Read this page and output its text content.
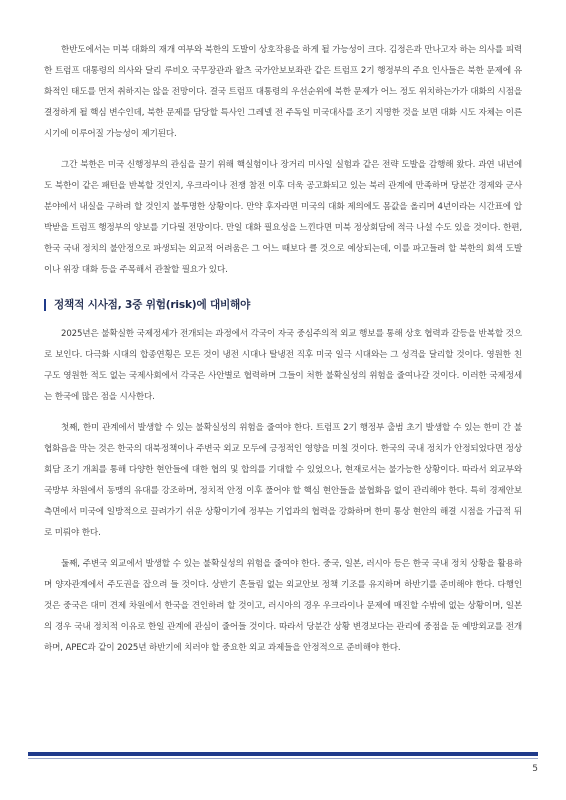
한반도에서는 미북 대화의 재개 여부와 북한의 도발이 상호작용을 하게 될 가능성이 크다. 김정은과 만나고자 하는 의사를 피력한 트럼프 대통령의 의사와 달리 루비오 국무장관과 왈츠 국가안보보좌관 같은 트럼프 2기 행정부의 주요 인사들은 북한 문제에 유화적인 태도를 먼저 취하지는 않을 전망이다. 결국 트럼프 대통령의 우선순위에 북한 문제가 어느 정도 위치하는가가 대화의 시점을 결정하게 될 핵심 변수인데, 북한 문제를 담당할 특사인 그레넬 전 주독일 미국대사를 조기 지명한 것을 보면 대화 시도 자체는 이른 시기에 이루어질 가능성이 제기된다.

그간 북한은 미국 신행정부의 관심을 끌기 위해 핵실험이나 장거리 미사일 실험과 같은 전략 도발을 감행해 왔다. 과연 내년에도 북한이 같은 패턴을 반복할 것인지, 우크라이나 전쟁 참전 이후 더욱 공고화되고 있는 북러 관계에 만족하며 당분간 경제와 군사 분야에서 내실을 구하려 할 것인지 불투명한 상황이다. 만약 후자라면 미국의 대화 제의에도 몸값을 올리며 4년이라는 시간표에 압박받을 트럼프 행정부의 양보를 기다릴 전망이다. 만일 대화 필요성을 느낀다면 미북 정상회담에 적극 나설 수도 있을 것이다. 한편, 한국 국내 정치의 불안정으로 파생되는 외교적 어려움은 그 어느 때보다 클 것으로 예상되는데, 이를 파고들려 할 북한의 회색 도발이나 위장 대화 등을 주목해서 관찰할 필요가 있다.

정책적 시사점, 3중 위험(risk)에 대비해야

2025년은 불확실한 국제정세가 전개되는 과정에서 각국이 자국 중심주의적 외교 행보를 통해 상호 협력과 갈등을 반복할 것으로 보인다. 다극화 시대의 합종연횡은 모든 것이 냉전 시대나 탈냉전 직후 미국 일극 시대와는 그 성격을 달리할 것이다. 영원한 친구도 영원한 적도 없는 국제사회에서 각국은 사안별로 협력하며 그들이 처한 불확실성의 위험을 줄여나갈 것이다. 이러한 국제정세는 한국에 많은 점을 시사한다.

첫째, 한미 관계에서 발생할 수 있는 불확실성의 위험을 줄여야 한다. 트럼프 2기 행정부 출범 초기 발생할 수 있는 한미 간 불협화음을 막는 것은 한국의 대북정책이나 주변국 외교 모두에 긍정적인 영향을 미칠 것이다. 한국의 국내 정치가 안정되었다면 정상회담 조기 개최를 통해 다양한 현안들에 대한 협의 및 합의를 기대할 수 있었으나, 현재로서는 불가능한 상황이다. 따라서 외교부와 국방부 차원에서 동맹의 유대를 강조하며, 정치적 안정 이후 풀어야 할 핵심 현안들을 불협화음 없이 관리해야 한다. 특히 경제안보 측면에서 미국에 일방적으로 끌려가기 쉬운 상황이기에 정부는 기업과의 협력을 강화하며 한미 통상 현안의 해결 시점을 가급적 뒤로 미뤄야 한다.

둘째, 주변국 외교에서 발생할 수 있는 불확실성의 위험을 줄여야 한다. 중국, 일본, 러시아 등은 한국 국내 정치 상황을 활용하며 양자관계에서 주도권을 잡으려 들 것이다. 상반기 흔들림 없는 외교안보 정책 기조를 유지하며 하반기를 준비해야 한다. 다행인 것은 중국은 대미 견제 차원에서 한국을 견인하려 할 것이고, 러시아의 경우 우크라이나 문제에 매진할 수밖에 없는 상황이며, 일본의 경우 국내 정치적 이유로 한일 관계에 관심이 줄어들 것이다. 따라서 당분간 상황 변경보다는 관리에 중점을 둔 예방외교를 전개하며, APEC과 같이 2025년 하반기에 치러야 할 중요한 외교 과제들을 안정적으로 준비해야 한다.

5
